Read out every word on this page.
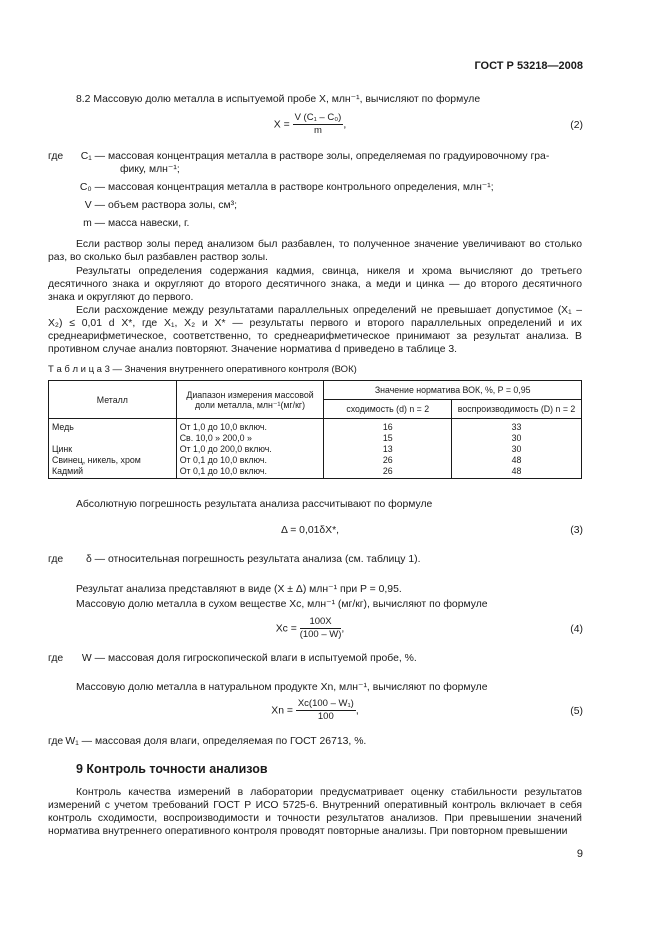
ГОСТ Р 53218—2008
8.2 Массовую долю металла в испытуемой пробе X, млн⁻¹, вычисляют по формуле
$X = \frac{\text{V (C₁ – C₀)}}{m}$ ,	(2)
где	C₁ — массовая концентрация металла в растворе золы, определяемая по градуировочному гра-
фику, млн⁻¹;
C₀ — массовая концентрация металла в растворе контрольного определения, млн⁻¹;
V — объем раствора золы, см³;
m — масса навески, г.
Если раствор золы перед анализом был разбавлен, то полученное значение увеличивают во столько раз, во сколько был разбавлен раствор золы.
Результаты определения содержания кадмия, свинца, никеля и хрома вычисляют до третьего десятичного знака и округляют до второго десятичного знака, а меди и цинка — до второго десятичного знака и округляют до первого.
Если расхождение между результатами параллельных определений не превышает допустимое (X₁ – X₂) ≤ 0,01 d X*, где X₁, X₂ и X* — результаты первого и второго параллельных определений и их среднеарифметическое, соответственно, то среднеарифметическое принимают за результат анализа. В противном случае анализ повторяют. Значение норматива d приведено в таблице 3.
Т а б л и ц а 3 — Значения внутреннего оперативного контроля (ВОК)
Металл	Диапазон измерения массовой доли металла, млн⁻¹(мг/кг)	Значение норматива ВОК, %, P = 0,95	
		сходимость (d) n = 2	воспроизводимость (D) n = 2
Медь	От 1,0 до 10,0 включ.	16	33
	Св. 10,0 » 200,0 »	15	30
Цинк	От 1,0 до 200,0 включ.	13	30
Свинец, никель, хром	От 0,1 до 10,0 включ.	26	48
Кадмий	От 0,1 до 10,0 включ.	26	48
Абсолютную погрешность результата анализа рассчитывают по формуле
Δ = 0,01δX*,	(3)
где	δ — относительная погрешность результата анализа (см. таблицу 1).
Результат анализа представляют в виде (X ± Δ) млн⁻¹ при P = 0,95.
Массовую долю металла в сухом веществе Xc, млн⁻¹ (мг/кг), вычисляют по формуле
$Xc = \frac{100X}{(100 - W)}$ ,	(4)
где	W — массовая доля гигроскопической влаги в испытуемой пробе, %.
Массовую долю металла в натуральном продукте Xn, млн⁻¹, вычисляют по формуле
$Xn = \frac{\text{Xc(100 – W₁)}}{100}$ ,	(5)
где W₁ — массовая доля влаги, определяемая по ГОСТ 26713, %.
9 Контроль точности анализов
Контроль качества измерений в лаборатории предусматривает оценку стабильности результатов измерений с учетом требований ГОСТ Р ИСО 5725-6. Внутренний оперативный контроль включает в себя контроль сходимости, воспроизводимости и точности результатов анализов. При превышении значений норматива внутреннего оперативного контроля проводят повторные анализы. При повторном превышении
9
